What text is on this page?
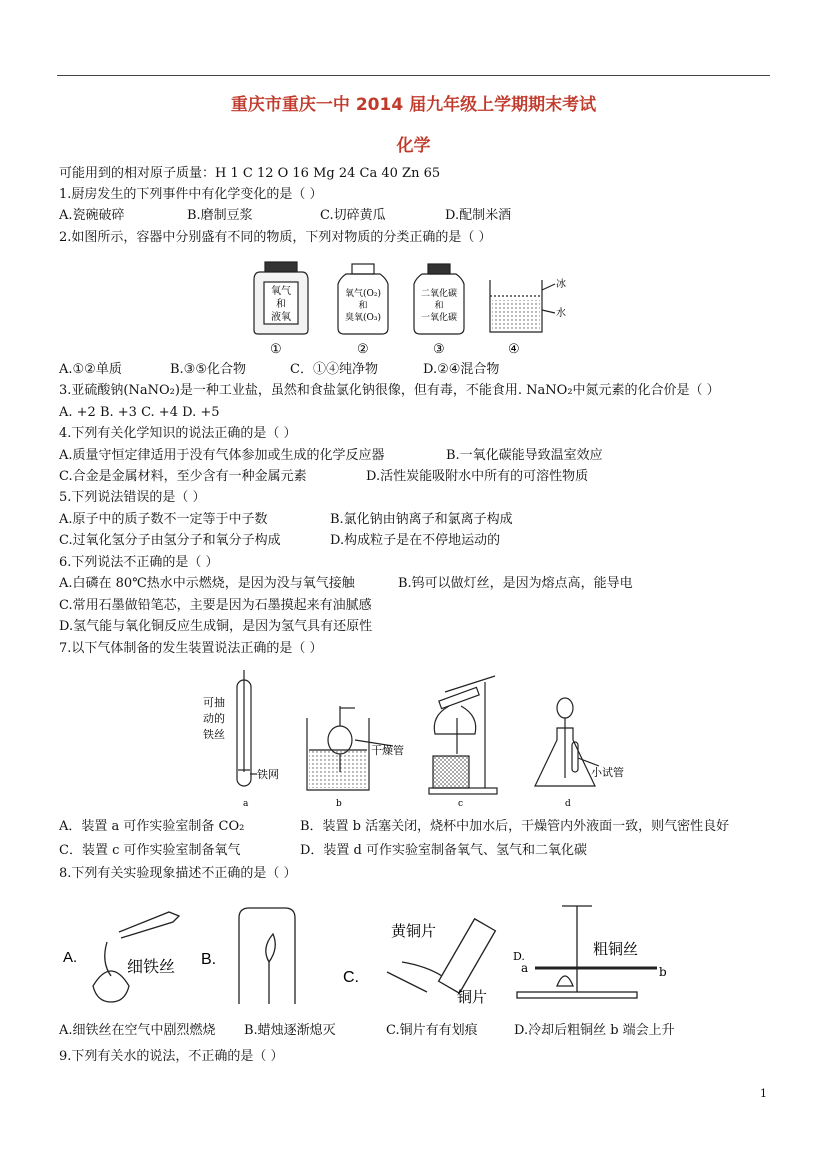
重庆市重庆一中 2014 届九年级上学期期末考试
化学
可能用到的相对原子质量：H 1 C 12 O 16 Mg 24 Ca 40 Zn 65
1.厨房发生的下列事件中有化学变化的是（ ）
A.瓷碗破碎	B.磨制豆浆	C.切碎黄瓜	D.配制米酒
2.如图所示，容器中分别盛有不同的物质，下列对物质的分类正确的是（ ）
氧气
和
液氧
氧气(O₂)
和
臭氧(O₃)
二氧化碳
和
一氧化碳
冰
水
①	②	③	④
A.①②单质	B.③⑤化合物	C．①④纯净物	D.②④混合物
3.亚硫酸钠(NaNO₂)是一种工业盐，虽然和食盐氯化钠很像，但有毒，不能食用. NaNO₂中氮元素的化合价是（ ）
A. +2 B. +3 C. +4 D. +5
4.下列有关化学知识的说法正确的是（ ）
A.质量守恒定律适用于没有气体参加或生成的化学反应器	B.一氧化碳能导致温室效应
C.合金是金属材料，至少含有一种金属元素	D.活性炭能吸附水中所有的可溶性物质
5.下列说法错误的是（ ）
A.原子中的质子数不一定等于中子数	B.氯化钠由钠离子和氯离子构成
C.过氧化氢分子由氢分子和氧分子构成	D.构成粒子是在不停地运动的
6.下列说法不正确的是（ ）
A.白磷在 80℃热水中示燃烧，是因为没与氧气接触	B.钨可以做灯丝，是因为熔点高，能导电
C.常用石墨做铅笔芯，主要是因为石墨摸起来有油腻感
D.氢气能与氧化铜反应生成铜，是因为氢气具有还原性
7.以下气体制备的发生装置说法正确的是（ ）
可抽
动的
铁丝
铁网
干燥管
小试管
a	b	c	d
A．装置 a 可作实验室制备 CO₂	B．装置 b 活塞关闭，烧杯中加水后，干燥管内外液面一致，则气密性良好
C．装置 c 可作实验室制备氧气	D．装置 d 可作实验室制备氧气、氢气和二氧化碳
8.下列有关实验现象描述不正确的是（ ）
A.	细铁丝 B.
C.
黄铜片
铜片
D.	粗铜丝
a	b
A.细铁丝在空气中剧烈燃烧 B.蜡烛逐渐熄灭	C.铜片有有划痕	D.冷却后粗铜丝 b 端会上升
9.下列有关水的说法，不正确的是（ ）
1
